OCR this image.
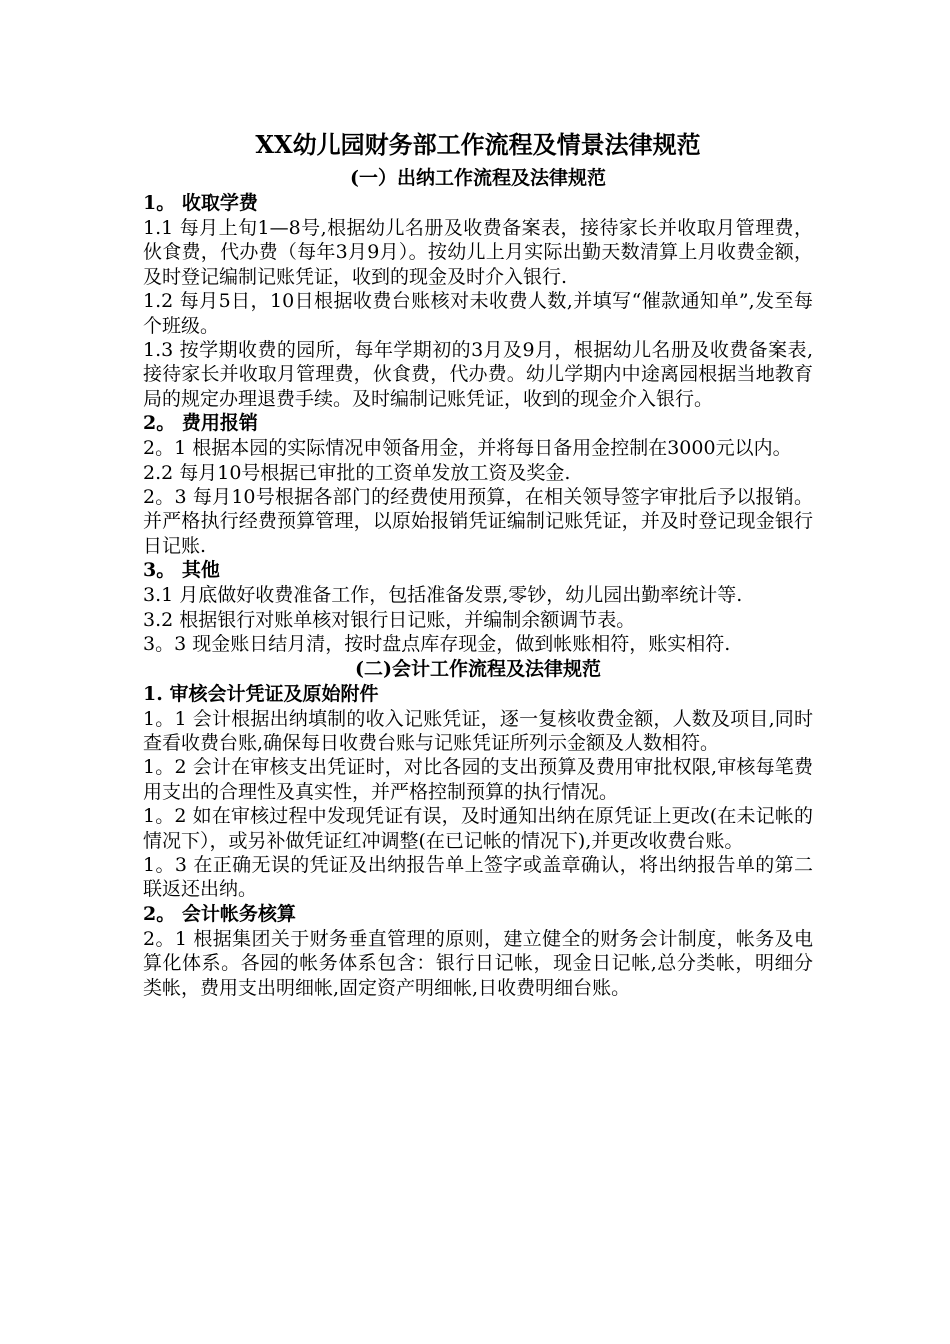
XX幼儿园财务部工作流程及情景法律规范
(一）出纳工作流程及法律规范
1。 收取学费

1.1 每月上旬1—8号,根据幼儿名册及收费备案表，接待家长并收取月管理费，伙食费，代办费（每年3月9月）。按幼儿上月实际出勤天数清算上月收费金额，及时登记编制记账凭证，收到的现金及时介入银行.

1.2 每月5日，10日根据收费台账核对未收费人数,并填写“催款通知单”,发至每个班级。

1.3 按学期收费的园所，每年学期初的3月及9月，根据幼儿名册及收费备案表,接待家长并收取月管理费，伙食费，代办费。幼儿学期内中途离园根据当地教育局的规定办理退费手续。及时编制记账凭证，收到的现金介入银行。

2。 费用报销

2。1 根据本园的实际情况申领备用金，并将每日备用金控制在3000元以内。

2.2 每月10号根据已审批的工资单发放工资及奖金.

2。3 每月10号根据各部门的经费使用预算，在相关领导签字审批后予以报销。并严格执行经费预算管理，以原始报销凭证编制记账凭证，并及时登记现金银行日记账.

3。 其他

3.1 月底做好收费准备工作，包括准备发票,零钞，幼儿园出勤率统计等.

3.2 根据银行对账单核对银行日记账，并编制余额调节表。

3。3 现金账日结月清，按时盘点库存现金，做到帐账相符，账实相符.

(二)会计工作流程及法律规范
1. 审核会计凭证及原始附件

1。1 会计根据出纳填制的收入记账凭证，逐一复核收费金额，人数及项目,同时查看收费台账,确保每日收费台账与记账凭证所列示金额及人数相符。

1。2 会计在审核支出凭证时，对比各园的支出预算及费用审批权限,审核每笔费用支出的合理性及真实性，并严格控制预算的执行情况。

1。2 如在审核过程中发现凭证有误，及时通知出纳在原凭证上更改(在未记帐的情况下），或另补做凭证红冲调整(在已记帐的情况下),并更改收费台账。

1。3 在正确无误的凭证及出纳报告单上签字或盖章确认，将出纳报告单的第二联返还出纳。

2。 会计帐务核算

2。1 根据集团关于财务垂直管理的原则，建立健全的财务会计制度，帐务及电算化体系。各园的帐务体系包含：银行日记帐，现金日记帐,总分类帐，明细分类帐，费用支出明细帐,固定资产明细帐,日收费明细台账。
